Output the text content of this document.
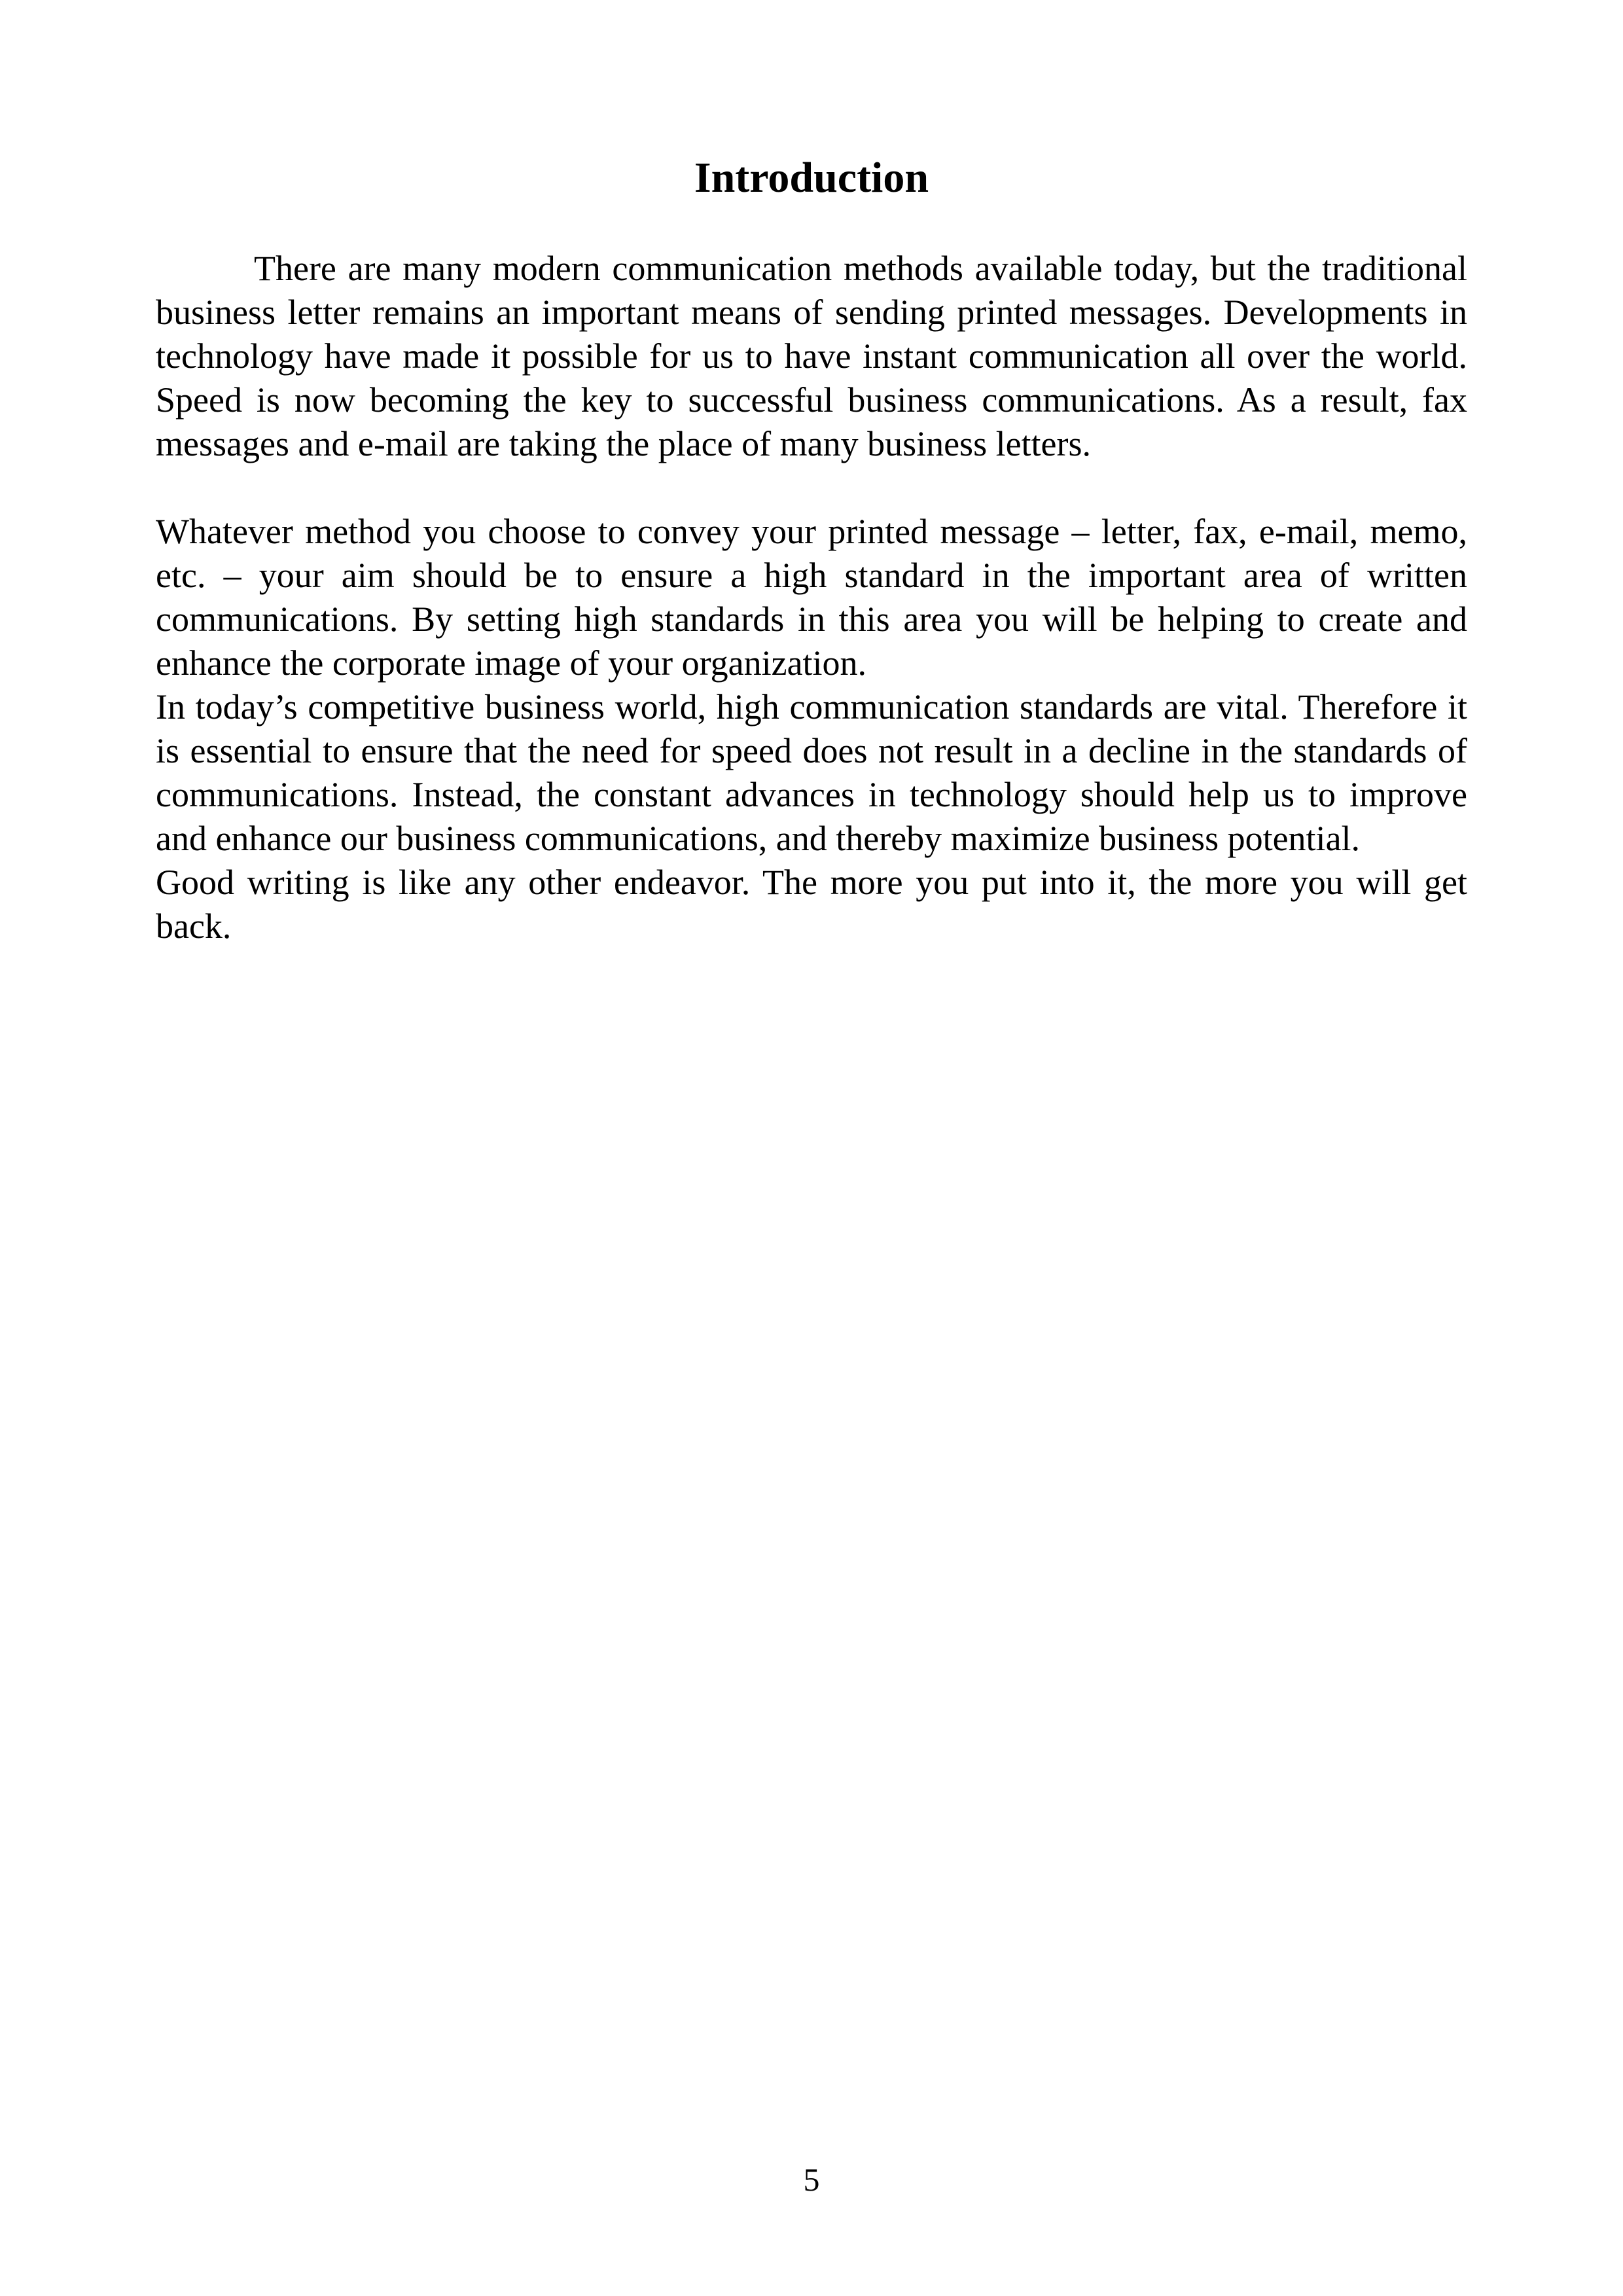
Introduction

There are many modern communication methods available today, but the traditional business letter remains an important means of sending printed messages. Developments in technology have made it possible for us to have instant communication all over the world. Speed is now becoming the key to successful business communications. As a result, fax messages and e-mail are taking the place of many business letters.

Whatever method you choose to convey your printed message – letter, fax, e-mail, memo, etc. – your aim should be to ensure a high standard in the important area of written communications. By setting high standards in this area you will be helping to create and enhance the corporate image of your organization.

In today’s competitive business world, high communication standards are vital. Therefore it is essential to ensure that the need for speed does not result in a decline in the standards of communications. Instead, the constant advances in technology should help us to improve and enhance our business communications, and thereby maximize business potential.

Good writing is like any other endeavor. The more you put into it, the more you will get back.

5
